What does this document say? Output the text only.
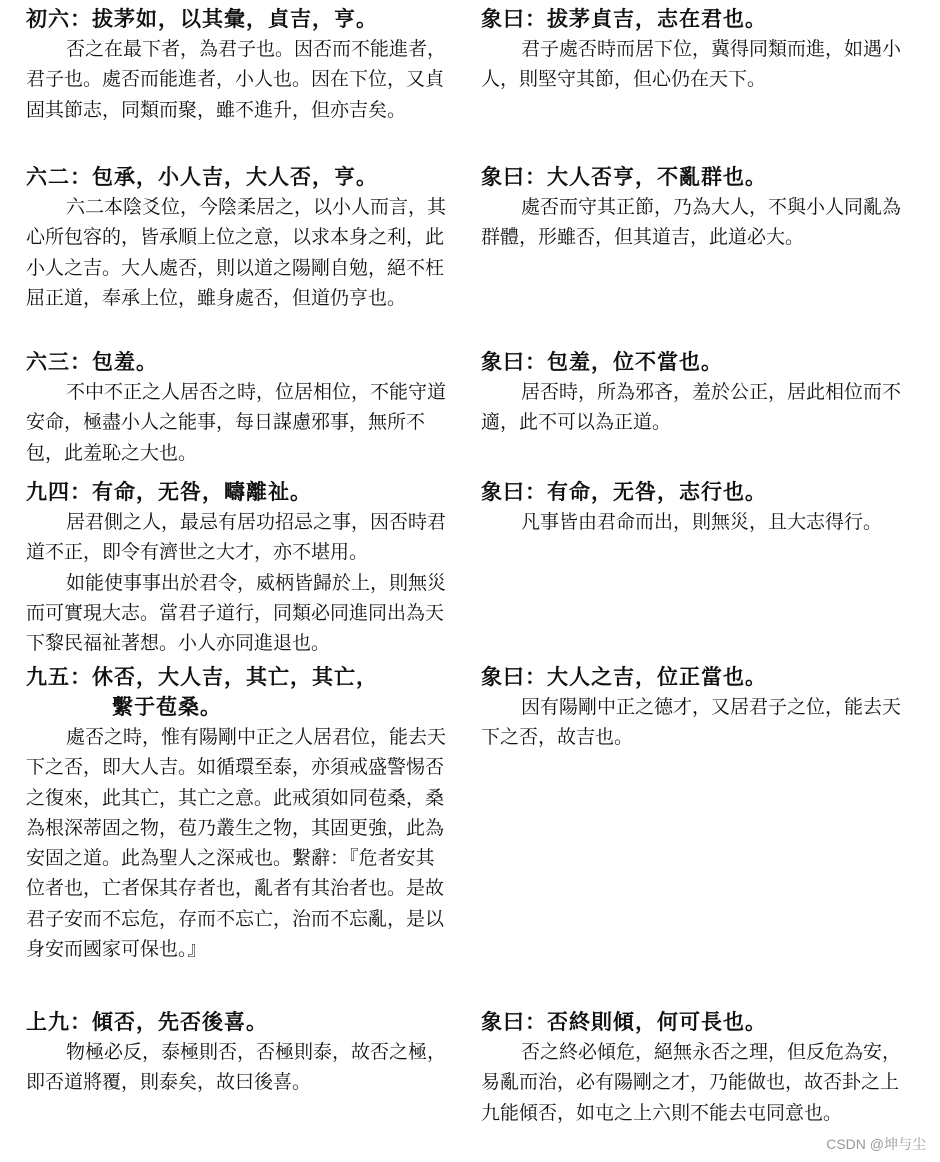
初六：拔茅如，以其彙，貞吉，亨。
否之在最下者，為君子也。因否而不能進者，君子也。處否而能進者，小人也。因在下位，又貞固其節志，同類而聚，雖不進升，但亦吉矣。
六二：包承，小人吉，大人否，亨。
六二本陰爻位，今陰柔居之，以小人而言，其心所包容的，皆承順上位之意，以求本身之利，此小人之吉。大人處否，則以道之陽剛自勉，絕不枉屈正道，奉承上位，雖身處否，但道仍亨也。
六三：包羞。
不中不正之人居否之時，位居相位，不能守道安命，極盡小人之能事，每日謀慮邪事，無所不包，此羞恥之大也。
九四：有命，无咎，疇離祉。
居君側之人，最忌有居功招忌之事，因否時君道不正，即令有濟世之大才，亦不堪用。
如能使事事出於君令，威柄皆歸於上，則無災而可實現大志。當君子道行，同類必同進同出為天下黎民福祉著想。小人亦同進退也。
九五：休否，大人吉，其亡，其亡，
繫于苞桑。
處否之時，惟有陽剛中正之人居君位，能去天下之否，即大人吉。如循環至泰，亦須戒盛警惕否之復來，此其亡，其亡之意。此戒須如同苞桑，桑為根深蒂固之物，苞乃叢生之物，其固更強，此為安固之道。此為聖人之深戒也。繫辭：『危者安其位者也，亡者保其存者也，亂者有其治者也。是故君子安而不忘危，存而不忘亡，治而不忘亂，是以身安而國家可保也。』
上九：傾否，先否後喜。
物極必反，泰極則否，否極則泰，故否之極，即否道將覆，則泰矣，故曰後喜。
象曰：拔茅貞吉，志在君也。
君子處否時而居下位，冀得同類而進，如遇小人，則堅守其節，但心仍在天下。
象曰：大人否亨，不亂群也。
處否而守其正節，乃為大人，不與小人同亂為群體，形雖否，但其道吉，此道必大。
象曰：包羞，位不當也。
居否時，所為邪吝，羞於公正，居此相位而不適，此不可以為正道。
象曰：有命，无咎，志行也。
凡事皆由君命而出，則無災，且大志得行。
象曰：大人之吉，位正當也。
因有陽剛中正之德才，又居君子之位，能去天下之否，故吉也。
象曰：否終則傾，何可長也。
否之終必傾危，絕無永否之理，但反危為安，易亂而治，必有陽剛之才，乃能做也，故否卦之上九能傾否，如屯之上六則不能去屯同意也。
CSDN @坤与尘
